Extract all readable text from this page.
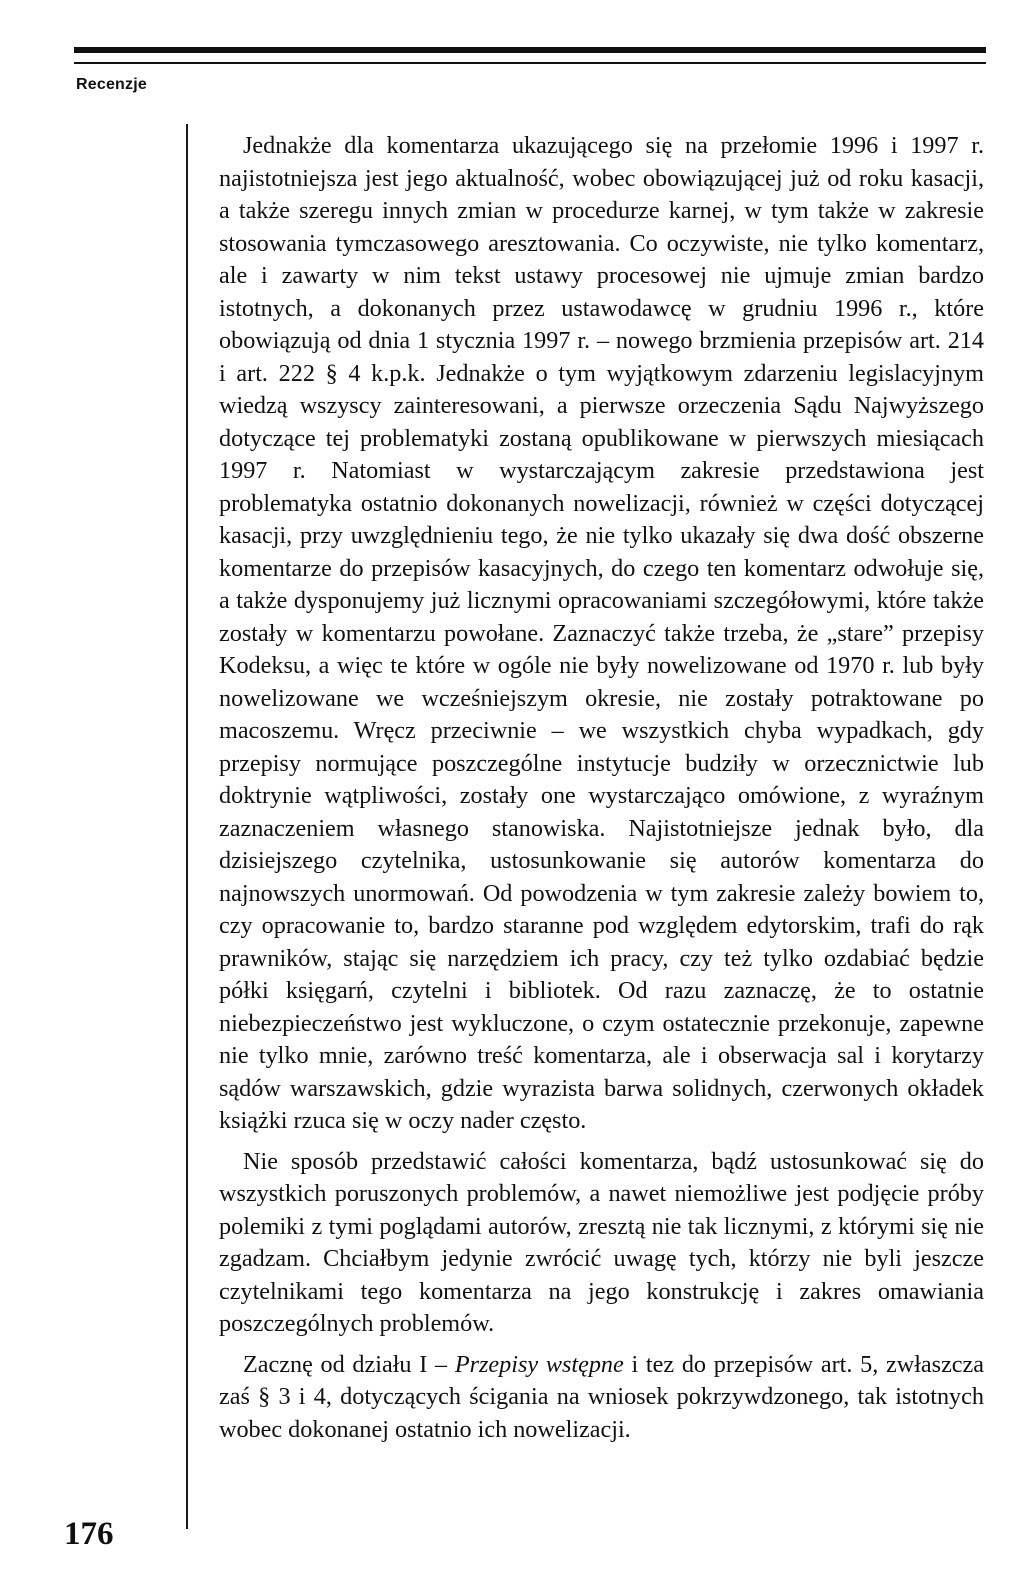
Recenzje

Jednakże dla komentarza ukazującego się na przełomie 1996 i 1997 r. najistotniejsza jest jego aktualność, wobec obowiązującej już od roku kasacji, a także szeregu innych zmian w procedurze karnej, w tym także w zakresie stosowania tymczasowego aresztowania. Co oczywiste, nie tylko komentarz, ale i zawarty w nim tekst ustawy procesowej nie ujmuje zmian bardzo istotnych, a dokonanych przez ustawodawcę w grudniu 1996 r., które obowiązują od dnia 1 stycznia 1997 r. – nowego brzmienia przepisów art. 214 i art. 222 § 4 k.p.k. Jednakże o tym wyjątkowym zdarzeniu legislacyjnym wiedzą wszyscy zainteresowani, a pierwsze orzeczenia Sądu Najwyższego dotyczące tej problematyki zostaną opublikowane w pierwszych miesiącach 1997 r. Natomiast w wystarczającym zakresie przedstawiona jest problematyka ostatnio dokonanych nowelizacji, również w części dotyczącej kasacji, przy uwzględnieniu tego, że nie tylko ukazały się dwa dość obszerne komentarze do przepisów kasacyjnych, do czego ten komentarz odwołuje się, a także dysponujemy już licznymi opracowaniami szczegółowymi, które także zostały w komentarzu powołane. Zaznaczyć także trzeba, że „stare” przepisy Kodeksu, a więc te które w ogóle nie były nowelizowane od 1970 r. lub były nowelizowane we wcześniejszym okresie, nie zostały potraktowane po macoszemu. Wręcz przeciwnie – we wszystkich chyba wypadkach, gdy przepisy normujące poszczególne instytucje budziły w orzecznictwie lub doktrynie wątpliwości, zostały one wystarczająco omówione, z wyraźnym zaznaczeniem własnego stanowiska. Najistotniejsze jednak było, dla dzisiejszego czytelnika, ustosunkowanie się autorów komentarza do najnowszych unormowań. Od powodzenia w tym zakresie zależy bowiem to, czy opracowanie to, bardzo staranne pod względem edytorskim, trafi do rąk prawników, stając się narzędziem ich pracy, czy też tylko ozdabiać będzie półki księgarń, czytelni i bibliotek. Od razu zaznaczę, że to ostatnie niebezpieczeństwo jest wykluczone, o czym ostatecznie przekonuje, zapewne nie tylko mnie, zarówno treść komentarza, ale i obserwacja sal i korytarzy sądów warszawskich, gdzie wyrazista barwa solidnych, czerwonych okładek książki rzuca się w oczy nader często.

Nie sposób przedstawić całości komentarza, bądź ustosunkować się do wszystkich poruszonych problemów, a nawet niemożliwe jest podjęcie próby polemiki z tymi poglądami autorów, zresztą nie tak licznymi, z którymi się nie zgadzam. Chciałbym jedynie zwrócić uwagę tych, którzy nie byli jeszcze czytelnikami tego komentarza na jego konstrukcję i zakres omawiania poszczególnych problemów.

Zacznę od działu I – Przepisy wstępne i tez do przepisów art. 5, zwłaszcza zaś § 3 i 4, dotyczących ścigania na wniosek pokrzywdzonego, tak istotnych wobec dokonanej ostatnio ich nowelizacji.

176
